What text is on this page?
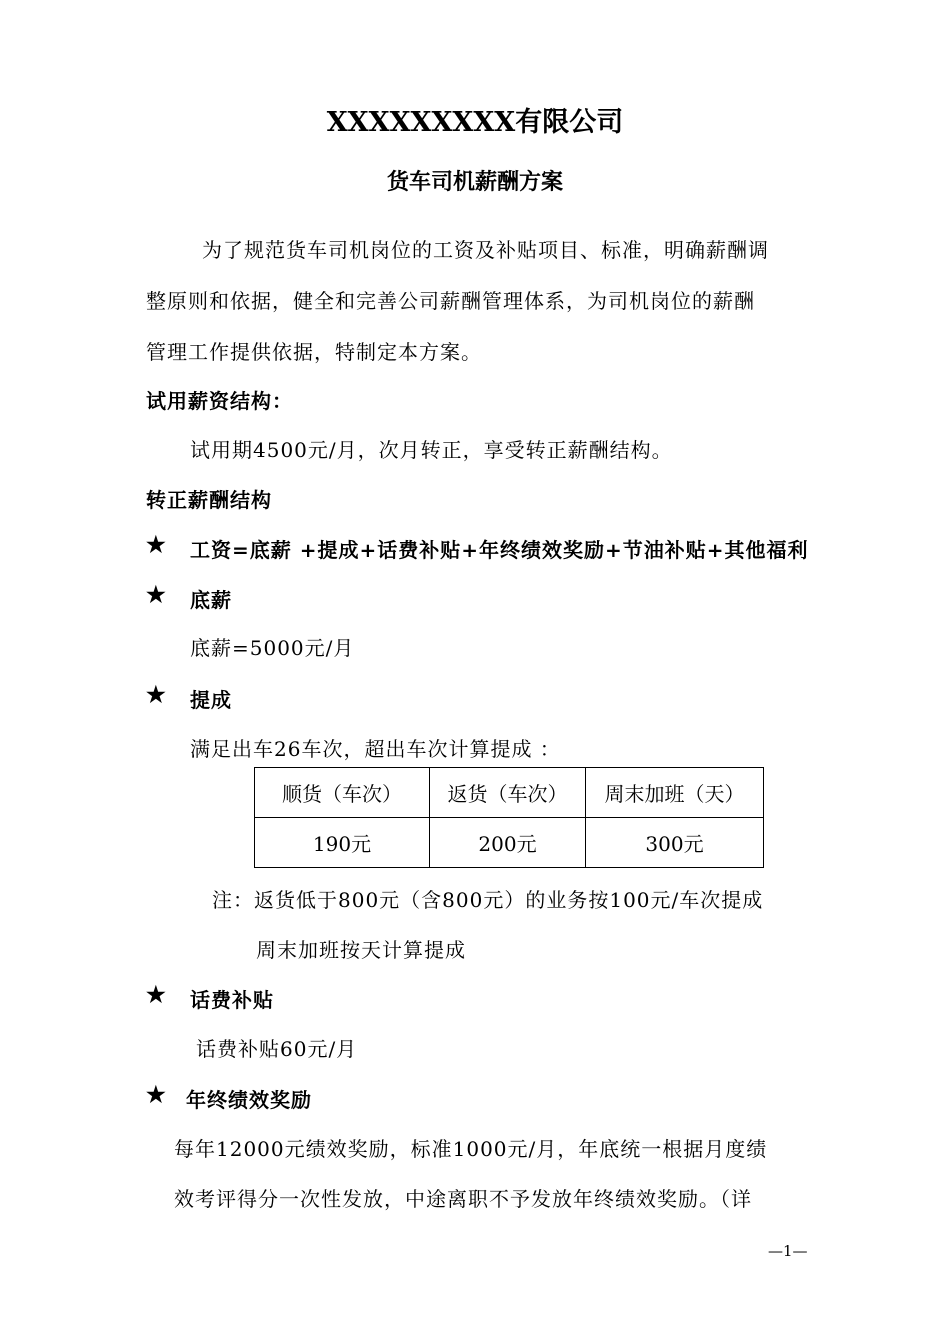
XXXXXXXXX有限公司
货车司机薪酬方案
为了规范货车司机岗位的工资及补贴项目、标准，明确薪酬调
整原则和依据，健全和完善公司薪酬管理体系，为司机岗位的薪酬
管理工作提供依据，特制定本方案。
试用薪资结构：
试用期4500元/月，次月转正，享受转正薪酬结构。
转正薪酬结构
★ 工资=底薪 +提成+话费补贴+年终绩效奖励+节油补贴+其他福利
★ 底薪
底薪=5000元/月
★ 提成
满足出车26车次，超出车次计算提成 ：
顺货（车次）	返货（车次）	周末加班（天）
190元	200元	300元
注：返货低于800元（含800元）的业务按100元/车次提成
周末加班按天计算提成
★ 话费补贴
话费补贴60元/月
★ 年终绩效奖励
每年12000元绩效奖励，标准1000元/月，年底统一根据月度绩
效考评得分一次性发放，中途离职不予发放年终绩效奖励。（详
—1—
